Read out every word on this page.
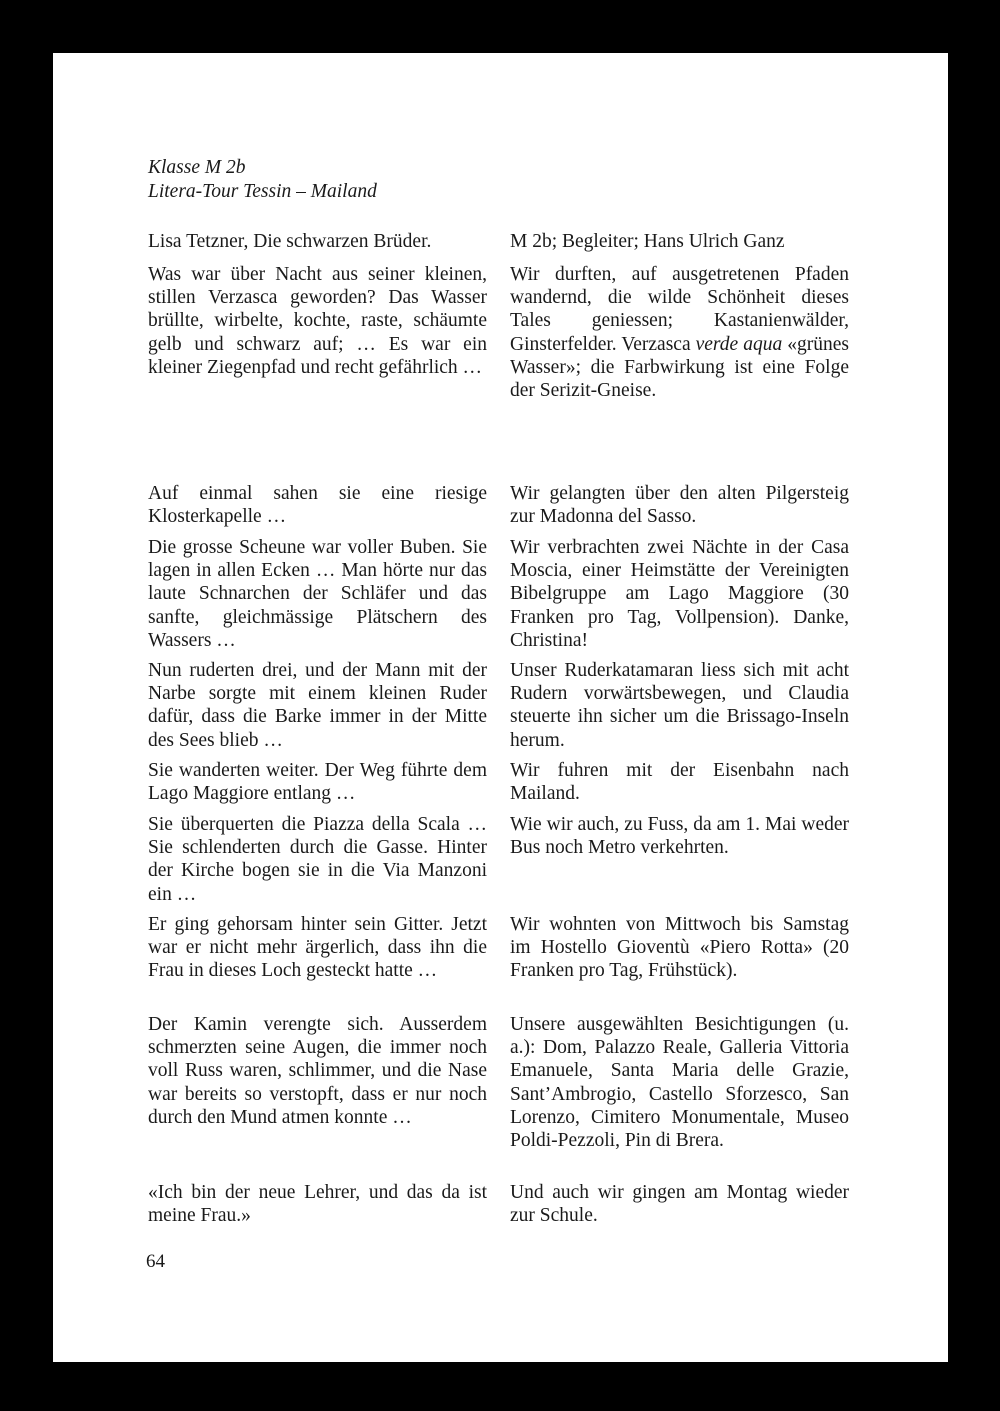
Klasse M 2b
Litera-Tour Tessin – Mailand

Lisa Tetzner, Die schwarzen Brüder.

Was war über Nacht aus seiner kleinen, stillen Verzasca geworden? Das Wasser brüllte, wirbelte, kochte, raste, schäumte gelb und schwarz auf; … Es war ein kleiner Ziegenpfad und recht gefährlich …

Auf einmal sahen sie eine riesige Klosterkapelle …

Die grosse Scheune war voller Buben. Sie lagen in allen Ecken … Man hörte nur das laute Schnarchen der Schläfer und das sanfte, gleichmässige Plätschern des Wassers …

Nun ruderten drei, und der Mann mit der Narbe sorgte mit einem kleinen Ruder dafür, dass die Barke immer in der Mitte des Sees blieb …

Sie wanderten weiter. Der Weg führte dem Lago Maggiore entlang …

Sie überquerten die Piazza della Scala … Sie schlenderten durch die Gasse. Hinter der Kirche bogen sie in die Via Manzoni ein …

Er ging gehorsam hinter sein Gitter. Jetzt war er nicht mehr ärgerlich, dass ihn die Frau in dieses Loch gesteckt hatte …

Der Kamin verengte sich. Ausserdem schmerzten seine Augen, die immer noch voll Russ waren, schlimmer, und die Nase war bereits so verstopft, dass er nur noch durch den Mund atmen konnte …

«Ich bin der neue Lehrer, und das da ist meine Frau.»

M 2b; Begleiter; Hans Ulrich Ganz

Wir durften, auf ausgetretenen Pfaden wandernd, die wilde Schönheit dieses Tales geniessen; Kastanienwälder, Ginsterfelder. Verzasca verde aqua «grünes Wasser»; die Farbwirkung ist eine Folge der Serizit-Gneise.

Wir gelangten über den alten Pilgersteig zur Madonna del Sasso.

Wir verbrachten zwei Nächte in der Casa Moscia, einer Heimstätte der Vereinigten Bibelgruppe am Lago Maggiore (30 Franken pro Tag, Vollpension). Danke, Christina!

Unser Ruderkatamaran liess sich mit acht Rudern vorwärtsbewegen, und Claudia steuerte ihn sicher um die Brissago-Inseln herum.

Wir fuhren mit der Eisenbahn nach Mailand.

Wie wir auch, zu Fuss, da am 1. Mai weder Bus noch Metro verkehrten.

Wir wohnten von Mittwoch bis Samstag im Hostello Gioventù «Piero Rotta» (20 Franken pro Tag, Frühstück).

Unsere ausgewählten Besichtigungen (u. a.): Dom, Palazzo Reale, Galleria Vittoria Emanuele, Santa Maria delle Grazie, Sant’Ambrogio, Castello Sforzesco, San Lorenzo, Cimitero Monumentale, Museo Poldi-Pezzoli, Pin di Brera.

Und auch wir gingen am Montag wieder zur Schule.

64
